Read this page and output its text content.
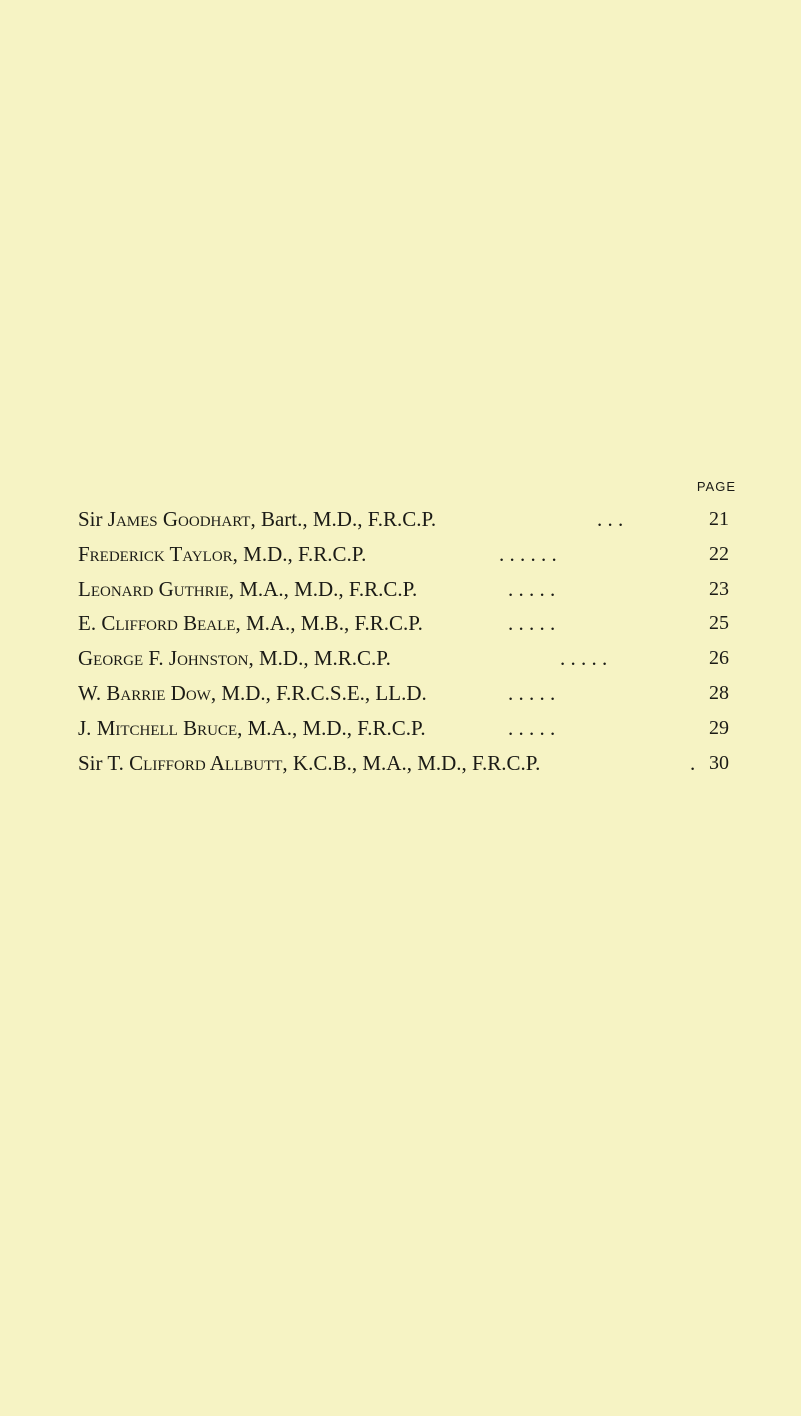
PAGE
Sir James Goodhart, Bart., M.D., F.R.C.P.	. . .	21
Frederick Taylor, M.D., F.R.C.P.	. . . . . .	22
Leonard Guthrie, M.A., M.D., F.R.C.P.	. . . . .	23
E. Clifford Beale, M.A., M.B., F.R.C.P.	. . . . .	25
George F. Johnston, M.D., M.R.C.P.	. . . . .	26
W. Barrie Dow, M.D., F.R.C.S.E., LL.D.	. . . . .	28
J. Mitchell Bruce, M.A., M.D., F.R.C.P.	. . . . .	29
Sir T. Clifford Allbutt, K.C.B., M.A., M.D., F.R.C.P.	. 30
